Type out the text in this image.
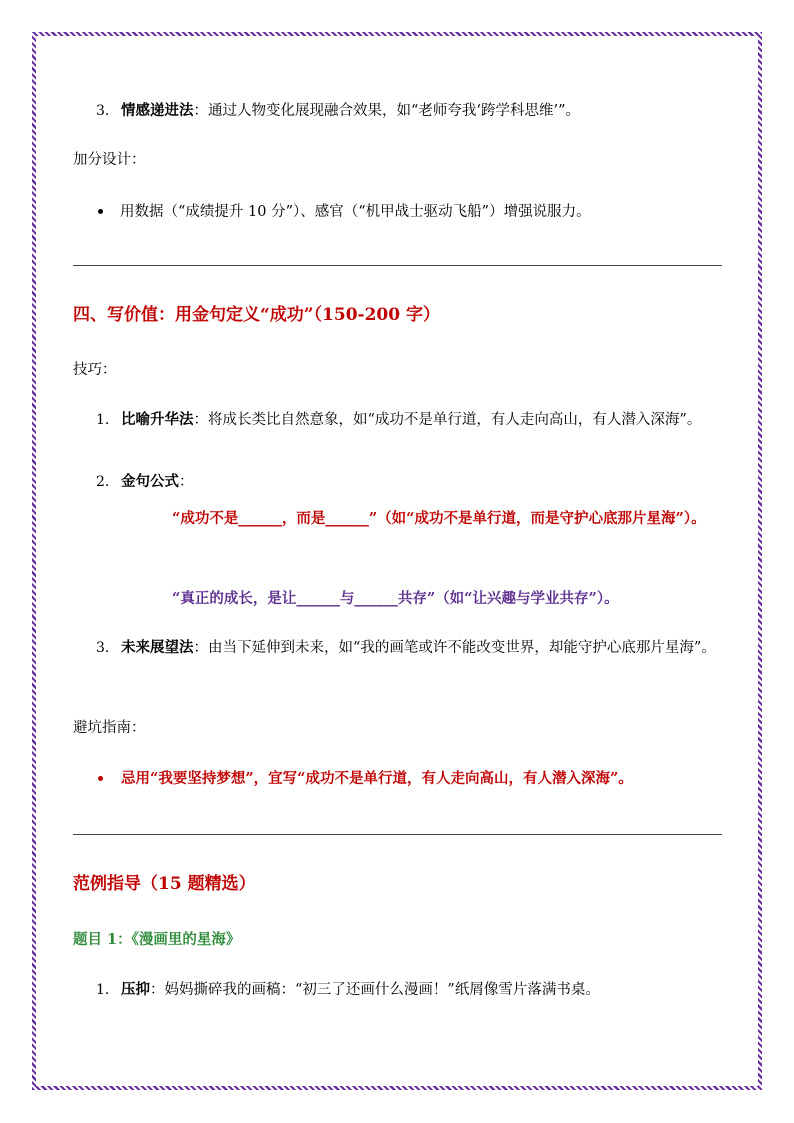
3. 情感递进法：通过人物变化展现融合效果，如“老师夸我‘跨学科思维’”。
加分设计：
用数据（“成绩提升 10 分”）、感官（“机甲战士驱动飞船”）增强说服力。
四、写价值：用金句定义“成功”（150-200 字）
技巧：
1. 比喻升华法：将成长类比自然意象，如“成功不是单行道，有人走向高山，有人潜入深海”。
2. 金句公式：
“成功不是______，而是______”（如“成功不是单行道，而是守护心底那片星海”）。
“真正的成长，是让______与______共存”（如“让兴趣与学业共存”）。
3. 未来展望法：由当下延伸到未来，如“我的画笔或许不能改变世界，却能守护心底那片星海”。
避坑指南：
忌用“我要坚持梦想”，宜写“成功不是单行道，有人走向高山，有人潜入深海”。
范例指导（15 题精选）
题目 1：《漫画里的星海》
1. 压抑：妈妈撕碎我的画稿：“初三了还画什么漫画！”纸屑像雪片落满书桌。
